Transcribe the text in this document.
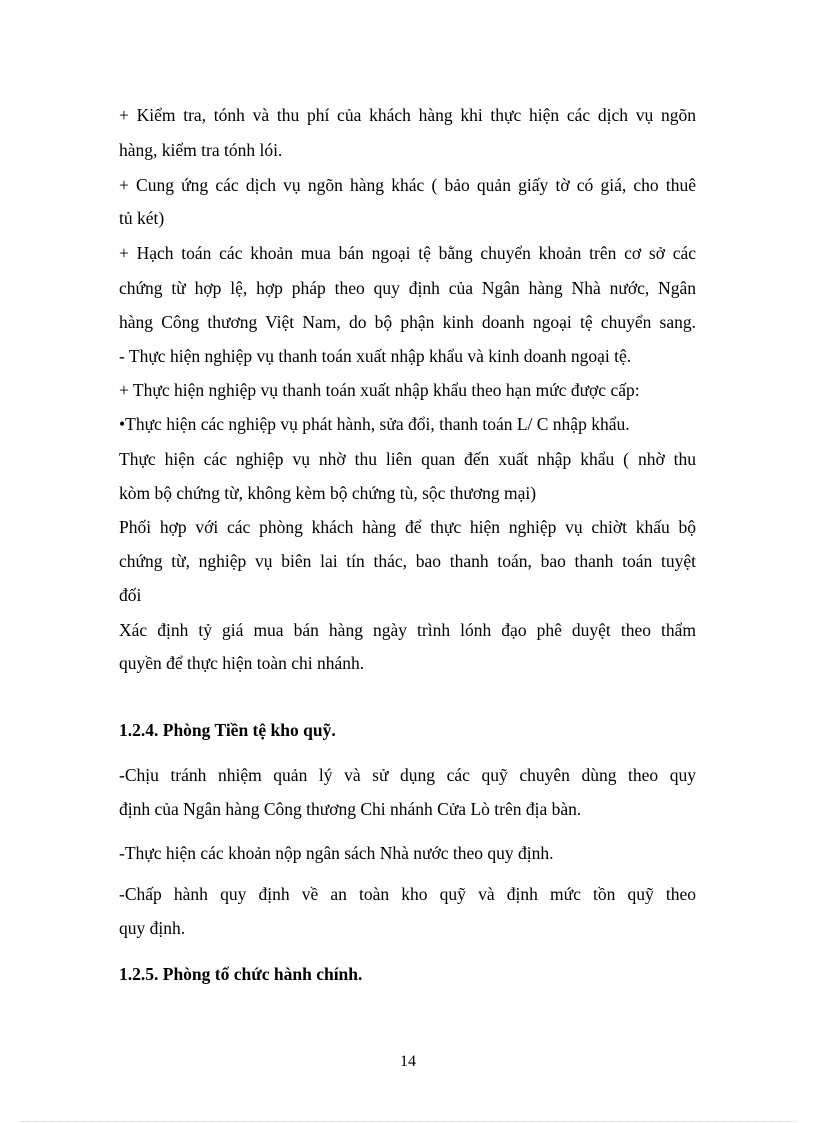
+ Kiểm tra, tónh và thu phí của khách hàng khi thực hiện các dịch vụ ngõn
hàng, kiểm tra tónh lói.
+ Cung ứng các dịch vụ ngõn hàng khác ( bảo quản giấy tờ có giá, cho thuê
tủ két)
+ Hạch toán các khoản mua bán ngoại tệ bằng chuyển khoản trên cơ sở các
chứng từ hợp lệ, hợp pháp theo quy định của Ngân hàng Nhà nước, Ngân
hàng Công thương Việt Nam, do bộ phận kinh doanh ngoại tệ chuyển sang.
- Thực hiện nghiệp vụ thanh toán xuất nhập khẩu và kinh doanh ngoại tệ.
+ Thực hiện nghiệp vụ thanh toán xuất nhập khẩu theo hạn mức được cấp:
•Thực hiện các nghiệp vụ phát hành, sửa đổi, thanh toán L/ C nhập khẩu.
Thực hiện các nghiệp vụ nhờ thu liên quan đến xuất nhập khẩu ( nhờ thu
kòm bộ chứng từ, không kèm bộ chứng tù, sộc thương mại)
Phối hợp với các phòng khách hàng để thực hiện nghiệp vụ chiờt khấu bộ
chứng từ, nghiệp vụ biên lai tín thác, bao thanh toán, bao thanh toán tuyệt
đối
Xác định tỷ giá mua bán hàng ngày trình lónh đạo phê duyệt theo thẩm
quyền để thực hiện toàn chi nhánh.
1.2.4. Phòng Tiền tệ kho quỹ.
-Chịu tránh nhiệm quản lý và sử dụng các quỹ chuyên dùng theo quy
định của Ngân hàng Công thương Chi nhánh Cửa Lò trên địa bàn.
-Thực hiện các khoản nộp ngân sách Nhà nước theo quy định.
-Chấp hành quy định về an toàn kho quỹ và định mức tồn quỹ theo
quy định.
1.2.5. Phòng tổ chức hành chính.
14
